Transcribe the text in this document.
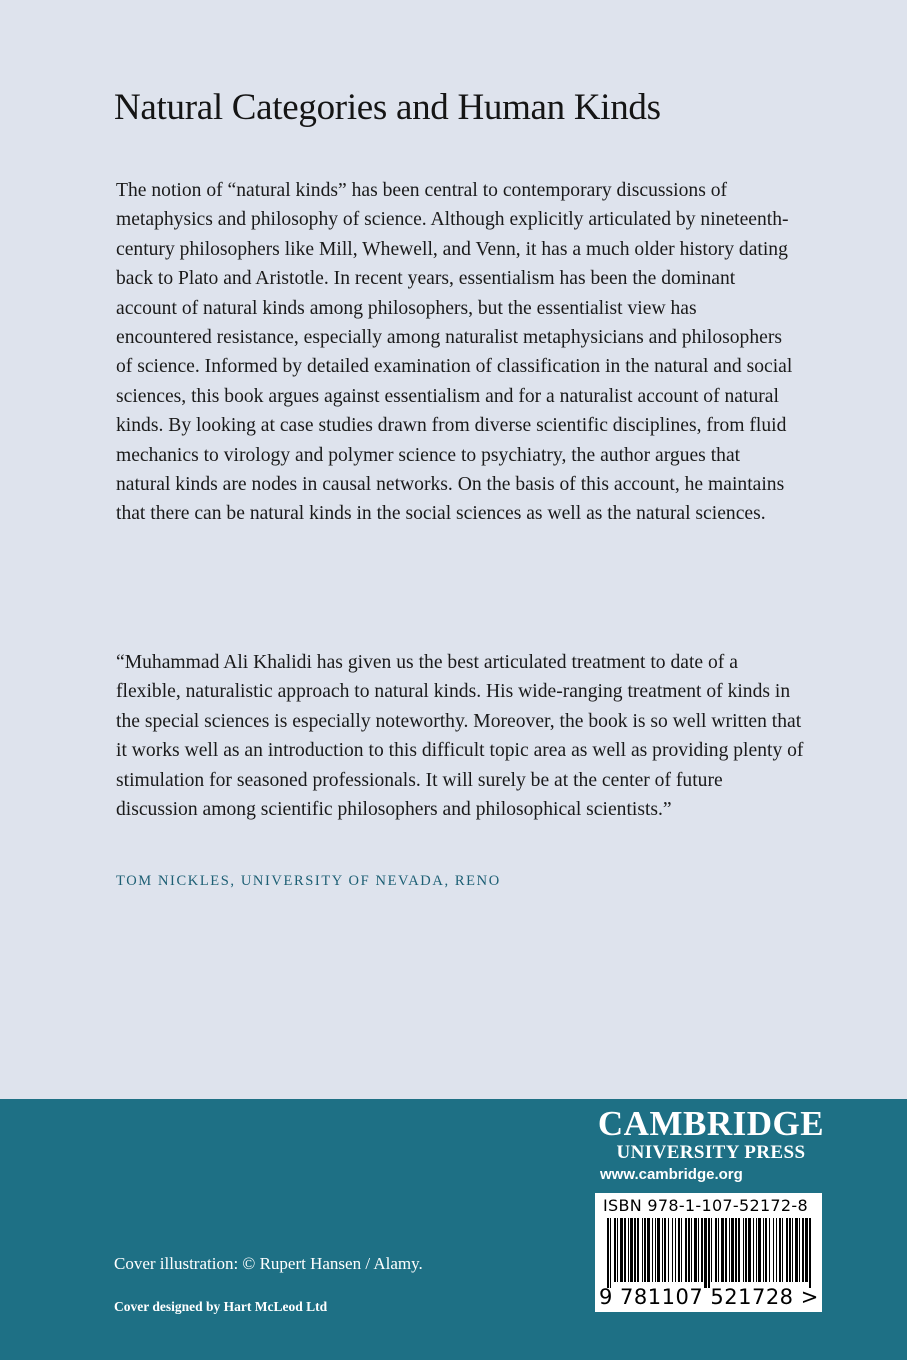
Natural Categories and Human Kinds

The notion of “natural kinds” has been central to contemporary discussions of metaphysics and philosophy of science. Although explicitly articulated by nineteenth-century philosophers like Mill, Whewell, and Venn, it has a much older history dating back to Plato and Aristotle. In recent years, essentialism has been the dominant account of natural kinds among philosophers, but the essentialist view has encountered resistance, especially among naturalist metaphysicians and philosophers of science. Informed by detailed examination of classification in the natural and social sciences, this book argues against essentialism and for a naturalist account of natural kinds. By looking at case studies drawn from diverse scientific disciplines, from fluid mechanics to virology and polymer science to psychiatry, the author argues that natural kinds are nodes in causal networks. On the basis of this account, he maintains that there can be natural kinds in the social sciences as well as the natural sciences.

“Muhammad Ali Khalidi has given us the best articulated treatment to date of a flexible, naturalistic approach to natural kinds. His wide-ranging treatment of kinds in the special sciences is especially noteworthy. Moreover, the book is so well written that it works well as an introduction to this difficult topic area as well as providing plenty of stimulation for seasoned professionals. It will surely be at the center of future discussion among scientific philosophers and philosophical scientists.”

TOM NICKLES, UNIVERSITY OF NEVADA, RENO

CAMBRIDGE
UNIVERSITY PRESS
www.cambridge.org
ISBN 978-1-107-52172-8
9 781107 521728 >

Cover illustration: © Rupert Hansen / Alamy.

Cover designed by Hart McLeod Ltd
